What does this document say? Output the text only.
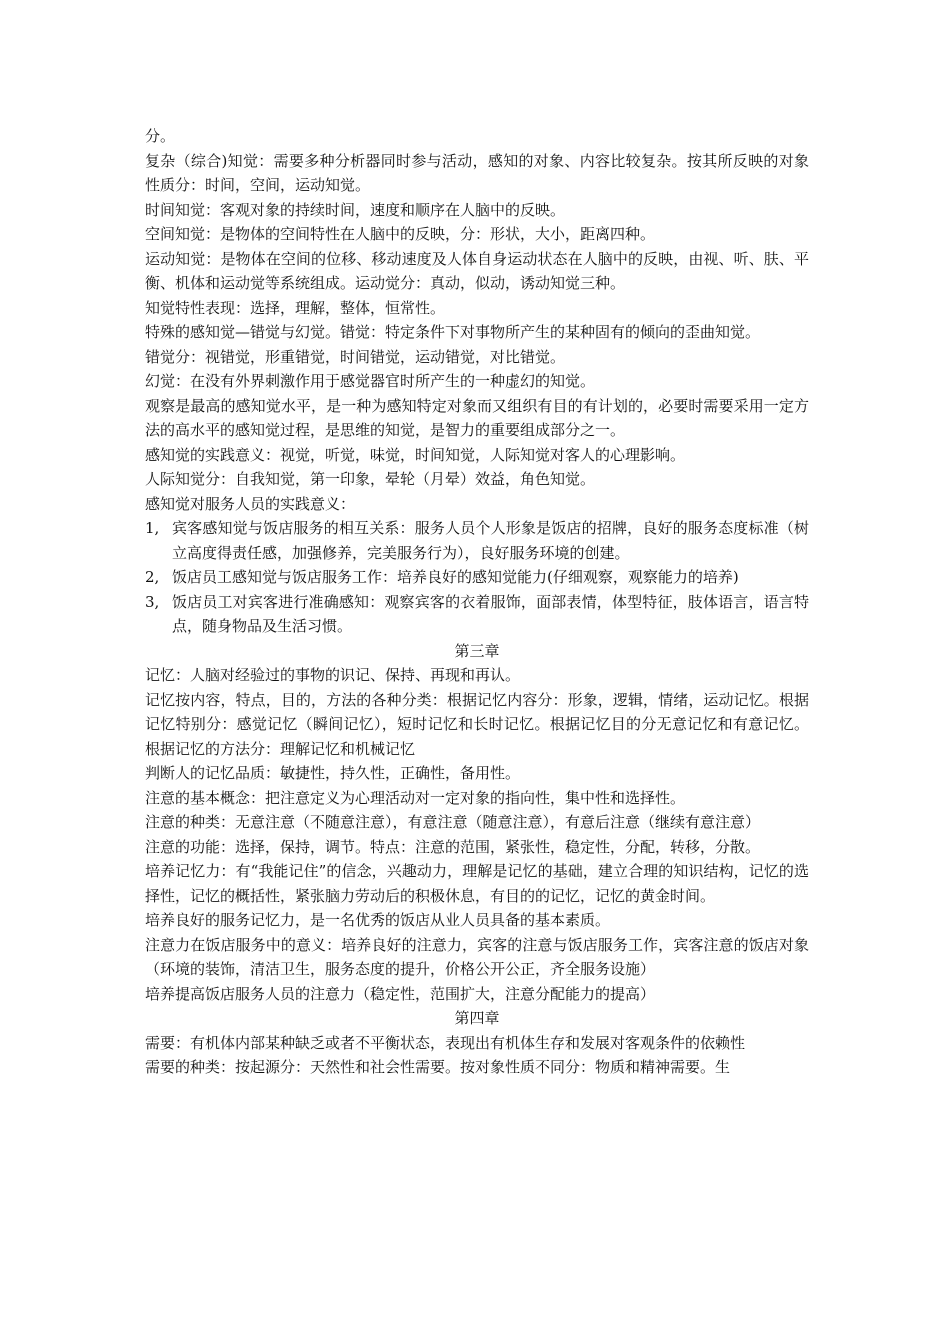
分。

复杂（综合)知觉：需要多种分析器同时参与活动，感知的对象、内容比较复杂。按其所反映的对象性质分：时间，空间，运动知觉。

时间知觉：客观对象的持续时间，速度和顺序在人脑中的反映。

空间知觉：是物体的空间特性在人脑中的反映，分：形状，大小，距离四种。

运动知觉：是物体在空间的位移、移动速度及人体自身运动状态在人脑中的反映，由视、听、肤、平衡、机体和运动觉等系统组成。运动觉分：真动，似动，诱动知觉三种。

知觉特性表现：选择，理解，整体，恒常性。

特殊的感知觉—错觉与幻觉。错觉：特定条件下对事物所产生的某种固有的倾向的歪曲知觉。

错觉分：视错觉，形重错觉，时间错觉，运动错觉，对比错觉。

幻觉：在没有外界刺激作用于感觉器官时所产生的一种虚幻的知觉。

观察是最高的感知觉水平，是一种为感知特定对象而又组织有目的有计划的，必要时需要采用一定方法的高水平的感知觉过程，是思维的知觉，是智力的重要组成部分之一。

感知觉的实践意义：视觉，听觉，味觉，时间知觉，人际知觉对客人的心理影响。

人际知觉分：自我知觉，第一印象，晕轮（月晕）效益，角色知觉。

感知觉对服务人员的实践意义：

1, 宾客感知觉与饭店服务的相互关系：服务人员个人形象是饭店的招牌，良好的服务态度标准（树立高度得责任感，加强修养，完美服务行为），良好服务环境的创建。
2, 饭店员工感知觉与饭店服务工作：培养良好的感知觉能力(仔细观察，观察能力的培养)
3, 饭店员工对宾客进行准确感知：观察宾客的衣着服饰，面部表情，体型特征，肢体语言，语言特点，随身物品及生活习惯。

第三章

记忆：人脑对经验过的事物的识记、保持、再现和再认。

记忆按内容，特点，目的，方法的各种分类：根据记忆内容分：形象，逻辑，情绪，运动记忆。根据记忆特别分：感觉记忆（瞬间记忆），短时记忆和长时记忆。根据记忆目的分无意记忆和有意记忆。根据记忆的方法分：理解记忆和机械记忆

判断人的记忆品质：敏捷性，持久性，正确性，备用性。

注意的基本概念：把注意定义为心理活动对一定对象的指向性，集中性和选择性。

注意的种类：无意注意（不随意注意），有意注意（随意注意），有意后注意（继续有意注意）

注意的功能：选择，保持，调节。特点：注意的范围，紧张性，稳定性，分配，转移，分散。

培养记忆力：有“我能记住”的信念，兴趣动力，理解是记忆的基础，建立合理的知识结构，记忆的选择性，记忆的概括性，紧张脑力劳动后的积极休息，有目的的记忆，记忆的黄金时间。

培养良好的服务记忆力，是一名优秀的饭店从业人员具备的基本素质。

注意力在饭店服务中的意义：培养良好的注意力，宾客的注意与饭店服务工作，宾客注意的饭店对象（环境的装饰，清洁卫生，服务态度的提升，价格公开公正，齐全服务设施）

培养提高饭店服务人员的注意力（稳定性，范围扩大，注意分配能力的提高）

第四章

需要：有机体内部某种缺乏或者不平衡状态，表现出有机体生存和发展对客观条件的依赖性

需要的种类：按起源分：天然性和社会性需要。按对象性质不同分：物质和精神需要。生
